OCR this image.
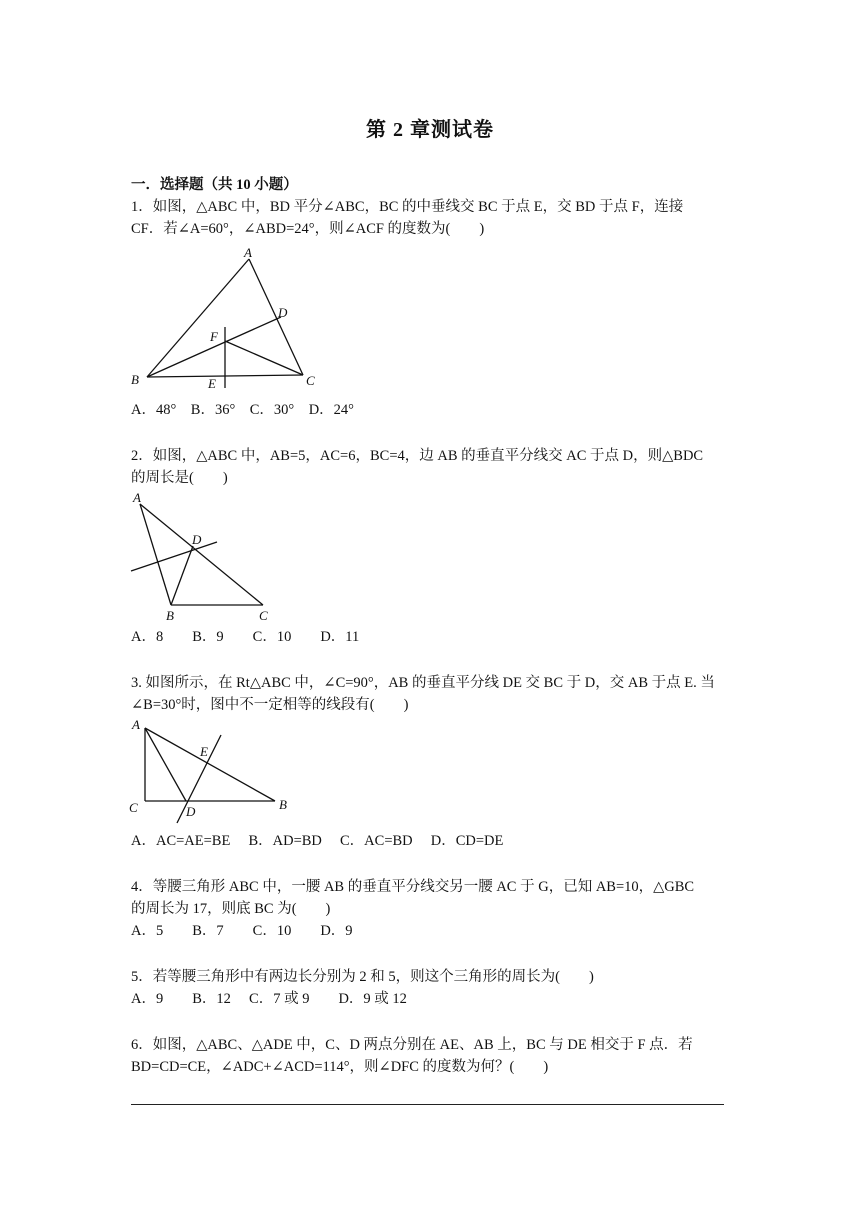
第 2 章测试卷
一．选择题（共 10 小题）
1．如图，△ABC 中，BD 平分∠ABC，BC 的中垂线交 BC 于点 E，交 BD 于点 F，连接
CF．若∠A=60°，∠ABD=24°，则∠ACF 的度数为(　　)
A
D
F
B	E	C
A．48°　B．36°　C．30°　D．24°
2．如图，△ABC 中，AB=5，AC=6，BC=4，边 AB 的垂直平分线交 AC 于点 D，则△BDC
的周长是(　　)
A
D
B	C
A．8　　B．9　　C．10　　D．11
3. 如图所示，在 Rt△ABC 中，∠C=90°，AB 的垂直平分线 DE 交 BC 于 D，交 AB 于点 E. 当
∠B=30°时，图中不一定相等的线段有(　　)
A
E
C	D	B
A．AC=AE=BE　 B．AD=BD　 C．AC=BD　 D．CD=DE
4．等腰三角形 ABC 中，一腰 AB 的垂直平分线交另一腰 AC 于 G，已知 AB=10，△GBC
的周长为 17，则底 BC 为(　　)
A．5　　B．7　　C．10　　D．9
5．若等腰三角形中有两边长分别为 2 和 5，则这个三角形的周长为(　　)
A．9　　B．12　 C．7 或 9　　D．9 或 12
6．如图，△ABC、△ADE 中，C、D 两点分别在 AE、AB 上，BC 与 DE 相交于 F 点．若
BD=CD=CE，∠ADC+∠ACD=114°，则∠DFC 的度数为何？(　　)
